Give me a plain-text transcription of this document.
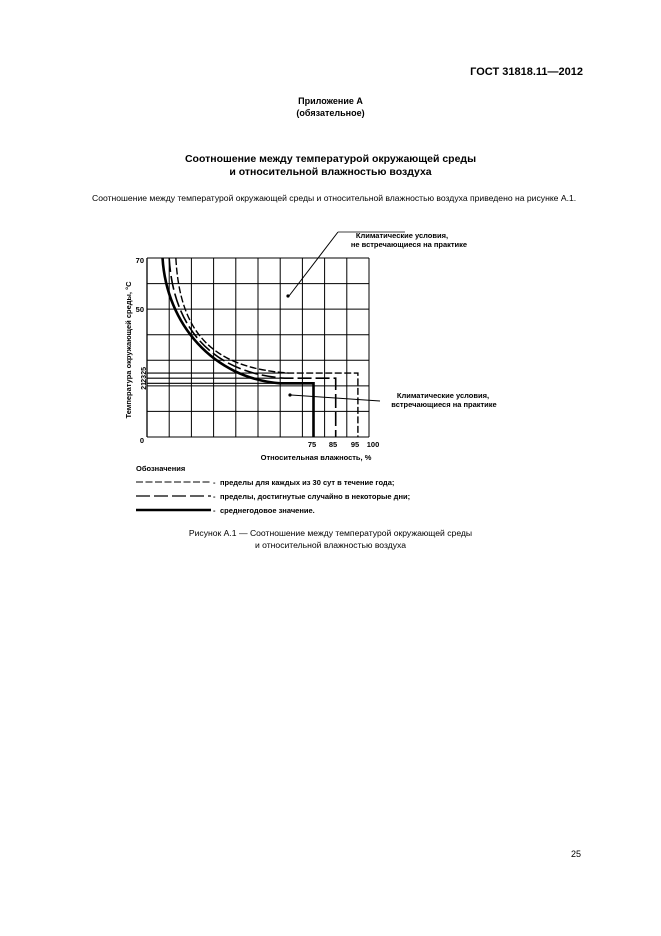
ГОСТ 31818.11—2012
Приложение А
(обязательное)
Соотношение между температурой окружающей среды
и относительной влажностью воздуха
Соотношение между температурой окружающей среды и относительной влажностью воздуха приведено на рисунке А.1.
70
50
25
23
21
0
Температура окружающей среды, °С
75 85 95 100
Относительная влажность, %
Климатические условия,
не встречающиеся на практике
Климатические условия,
встречающиеся на практике
Обозначения
пределы для каждых из 30 сут в течение года;
-
пределы, достигнутые случайно в некоторые дни;
-
среднегодовое значение.
-
Рисунок А.1 — Соотношение между температурой окружающей среды
и относительной влажностью воздуха
25
